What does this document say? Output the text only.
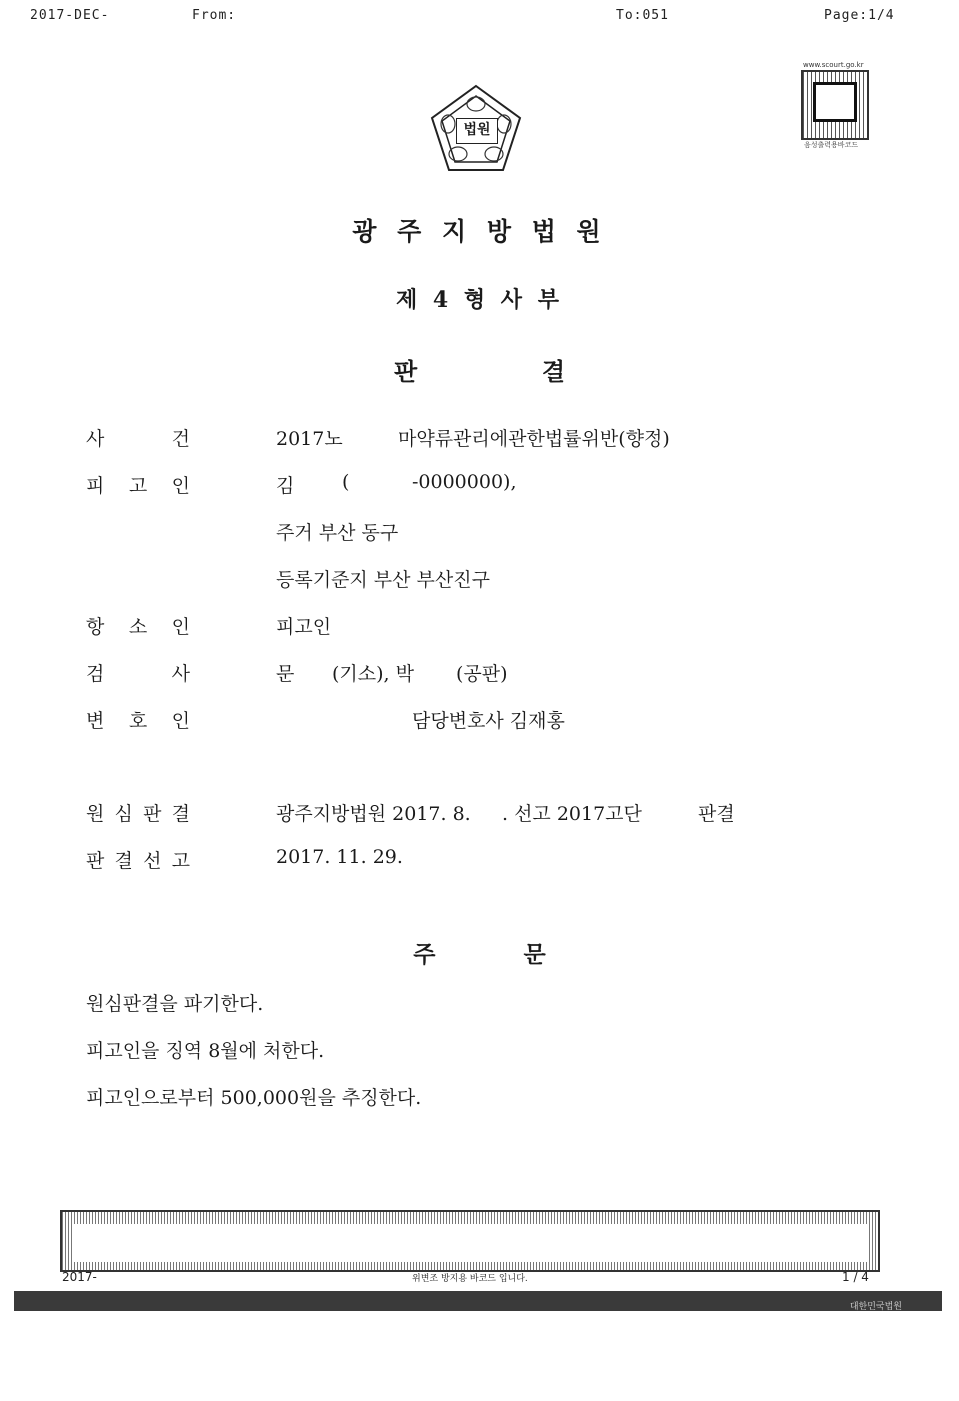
2017-DEC-	From:	To:051	Page:1/4
www.scourt.go.kr
음성출력용바코드
법원
광 주 지 방 법 원
제 4 형 사 부
판	결
사	건	2017노	마약류관리에관한법률위반(향정)
피 고 인	김	(	-0000000),
주거 부산 동구
등록기준지 부산 부산진구
항 소 인	피고인
검	사	문 (기소), 박 (공판)
변 호 인	담당변호사 김재홍
원 심 판 결	광주지방법원 2017. 8. . 선고 2017고단	판결
판 결 선 고	2017. 11. 29.
주	문
원심판결을 파기한다.
피고인을 징역 8월에 처한다.
피고인으로부터 500,000원을 추징한다.
2017-	위변조 방지용 바코드 입니다.	1 / 4
대한민국법원
